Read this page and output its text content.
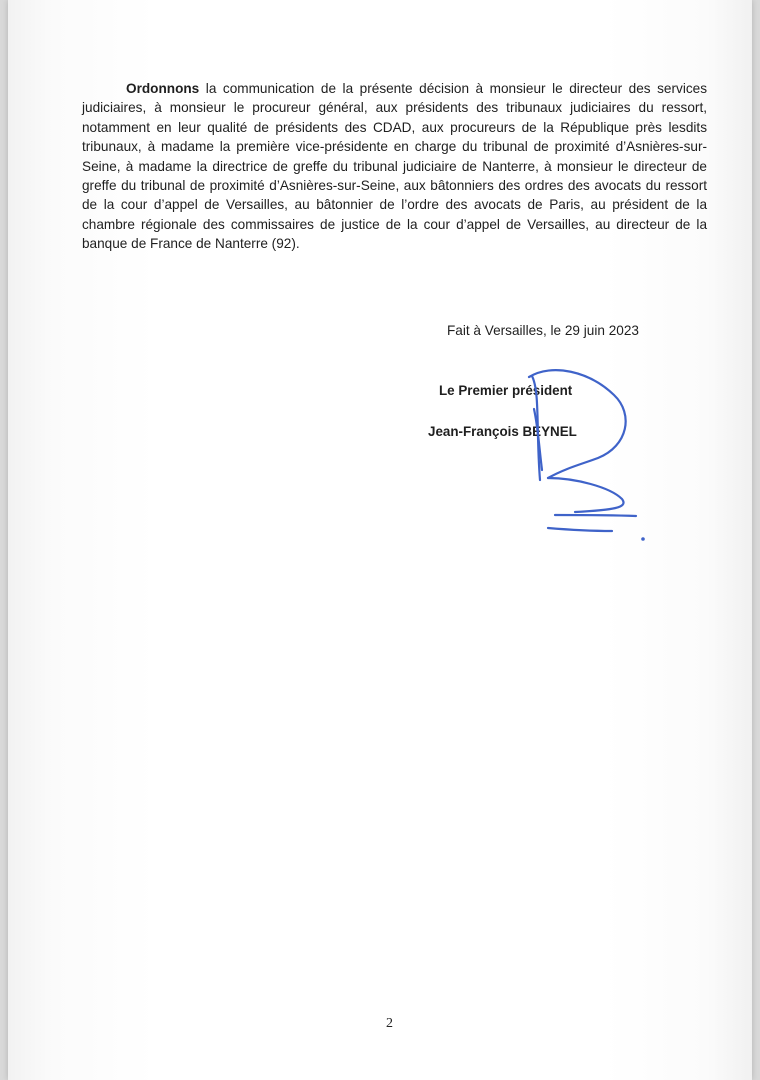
Ordonnons la communication de la présente décision à monsieur le directeur des services judiciaires, à monsieur le procureur général, aux présidents des tribunaux judiciaires du ressort, notamment en leur qualité de présidents des CDAD, aux procureurs de la République près lesdits tribunaux, à madame la première vice-présidente en charge du tribunal de proximité d’Asnières-sur-Seine, à madame la directrice de greffe du tribunal judiciaire de Nanterre, à monsieur le directeur de greffe du tribunal de proximité d’Asnières-sur-Seine, aux bâtonniers des ordres des avocats du ressort de la cour d’appel de Versailles, au bâtonnier de l’ordre des avocats de Paris, au président de la chambre régionale des commissaires de justice de la cour d’appel de Versailles, au directeur de la banque de France de Nanterre (92).

Fait à Versailles, le 29 juin 2023
Le Premier président
Jean-François BEYNEL
2
